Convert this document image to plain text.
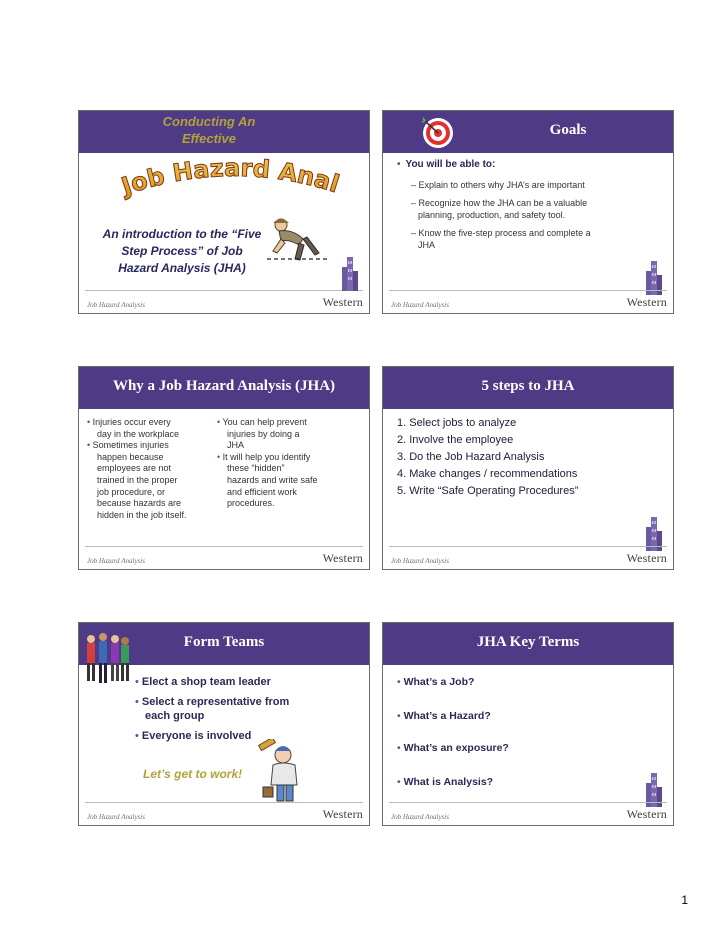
Conducting An
Effective
Job Hazard Anal
An introduction to the “Five
Step Process” of Job
Hazard Analysis (JHA)
Job Hazard Analysis	Western
Goals
• You will be able to:
– Explain to others why JHA’s are important
– Recognize how the JHA can be a valuable
planning, production, and safety tool.
– Know the five-step process and complete a
JHA
Job Hazard Analysis	Western
Why a Job Hazard Analysis (JHA)
• Injuries occur every
day in the workplace
• Sometimes injuries
happen because
employees are not
trained in the proper
job procedure, or
because hazards are
hidden in the job itself.
• You can help prevent
injuries by doing a
JHA
• It will help you identify
these “hidden”
hazards and write safe
and efficient work
procedures.
Job Hazard Analysis	Western
5 steps to JHA
1. Select jobs to analyze
2. Involve the employee
3. Do the Job Hazard Analysis
4. Make changes / recommendations
5. Write “Safe Operating Procedures”
Job Hazard Analysis	Western
Form Teams
• Elect a shop team leader
• Select a representative from
each group
• Everyone is involved
Let’s get to work!
Job Hazard Analysis	Western
JHA Key Terms
• What’s a Job?
• What’s a Hazard?
• What’s an exposure?
• What is Analysis?
Job Hazard Analysis	Western
1
